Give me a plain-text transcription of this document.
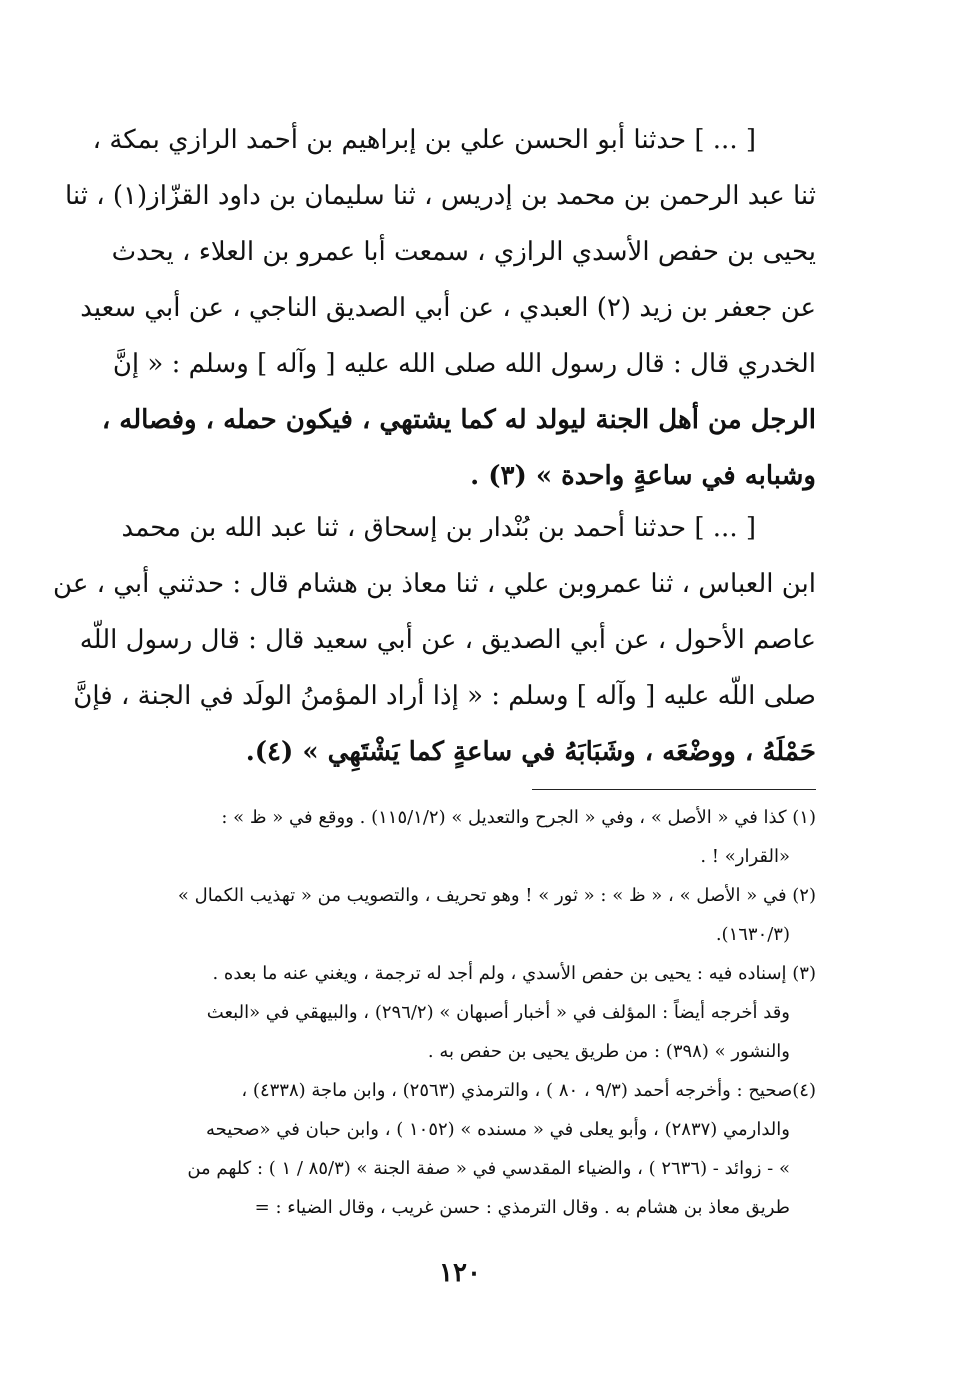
[ ... ] حدثنا أبو الحسن علي بن إبراهيم بن أحمد الرازي بمكة ،
ثنا عبد الرحمن بن محمد بن إدريس ، ثنا سليمان بن داود القزّاز(١) ، ثنا
يحيى بن حفص الأسدي الرازي ، سمعت أبا عمرو بن العلاء ، يحدث
عن جعفر بن زيد (٢) العبدي ، عن أبي الصديق الناجي ، عن أبي سعيد
الخدري قال : قال رسول الله صلى الله عليه [ وآله ] وسلم : « إنَّ
الرجل من أهل الجنة ليولد له كما يشتهي ، فيكون حمله ، وفصاله ،
وشبابه في ساعةٍ واحدة » (٣) .
[ ... ] حدثنا أحمد بن بُنْدار بن إسحاق ، ثنا عبد الله بن محمد
ابن العباس ، ثنا عمروبن علي ، ثنا معاذ بن هشام قال : حدثني أبي ، عن
عاصم الأحول ، عن أبي الصديق ، عن أبي سعيد قال : قال رسول اللّه
صلى اللّه عليه [ وآله ] وسلم : « إذا أراد المؤمنُ الولَد في الجنة ، فإنَّ
حَمْلَهُ ، ووضْعَه ، وشَبَابَهُ في ساعةٍ كما يَشْتَهِي » (٤).
(١) كذا في « الأصل » ، وفي « الجرح والتعديل » (١١٥/١/٢) . ووقع في « ظ » :
«القرار» ! .
(٢) في « الأصل » ، « ظ » : « ثور » ! وهو تحريف ، والتصويب من « تهذيب الكمال »
(١٦٣٠/٣).
(٣) إسناده فيه : يحيى بن حفص الأسدي ، ولم أجد له ترجمة ، ويغني عنه ما بعده .
وقد أخرجه أيضاً : المؤلف في « أخبار أصبهان » (٢٩٦/٢) ، والبيهقي في «البعث
والنشور » (٣٩٨) : من طريق يحيى بن حفص به .
(٤)صحيح : وأخرجه أحمد (٩/٣ ، ٨٠ ) ، والترمذي (٢٥٦٣) ، وابن ماجة (٤٣٣٨) ،
والدارمي (٢٨٣٧) ، وأبو يعلى في « مسنده » (١٠٥٢ ) ، وابن حبان في «صحيحه
» - زوائد - (٢٦٣٦ ) ، والضياء المقدسي في « صفة الجنة » (٨٥/٣ / ١ ) : كلهم من
طريق معاذ بن هشام به . وقال الترمذي : حسن غريب ، وقال الضياء : =
١٢٠
